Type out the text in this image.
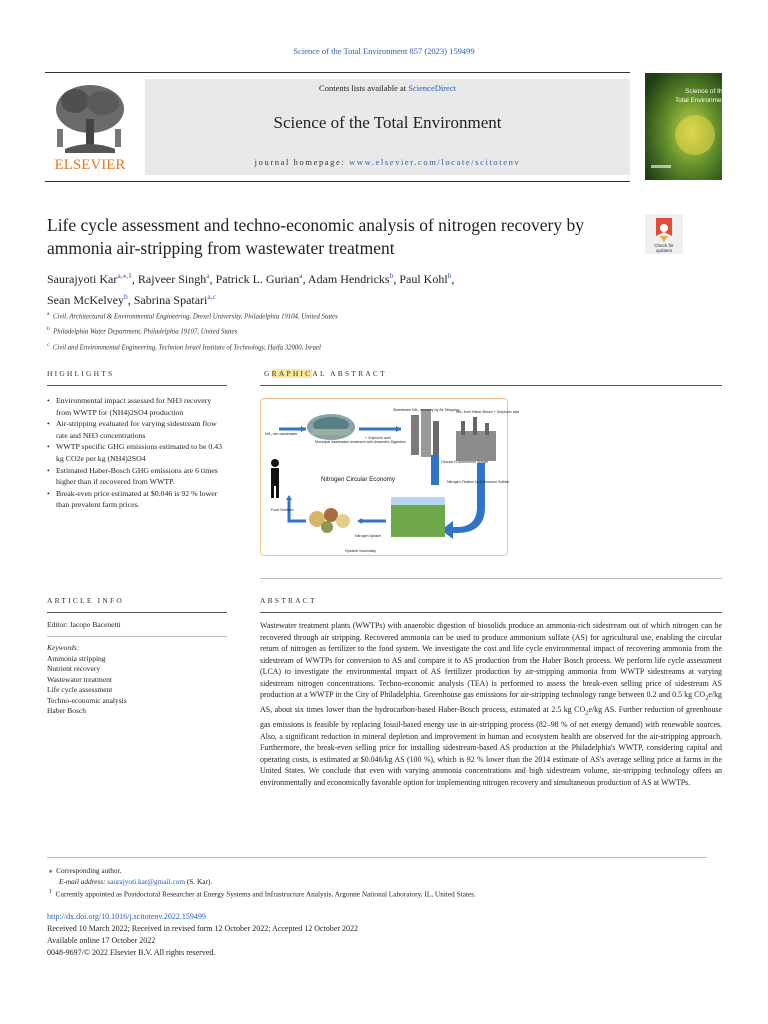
Science of the Total Environment 857 (2023) 159499
ELSEVIER
Contents lists available at ScienceDirect
Science of the Total Environment
journal homepage: www.elsevier.com/locate/scitotenv
Science of the
Total Environment
Life cycle assessment and techno-economic analysis of nitrogen recovery by ammonia air-stripping from wastewater treatment	Check for
updates
Saurajyoti Kar$^{a,⁎,1}$, Rajveer Singh$^a$, Patrick L. Gurian$^a$, Adam Hendricks$^b$, Paul Kohl$^b$,
Sean McKelvey$^b$, Sabrina Spatari$^{a,c}$
$^a$ Civil, Architectural & Environmental Engineering, Drexel University, Philadelphia 19104, United States
$^b$ Philadelphia Water Department, Philadelphia 19107, United States
$^c$ Civil and Environmental Engineering, Technion Israel Institute of Technology, Haifa 32000, Israel
HIGHLIGHTS
• Environmental impact assessed for NH3 recovery from WWTP for (NH4)2SO4 production
• Air-stripping evaluated for varying sidestream flow rate and NH3 concentrations
• WWTP specific GHG emissions estimated to be 0.43 kg CO2e per kg (NH4)2SO4
• Estimated Haber-Bosch GHG emissions are 6 times higher than if recovered from WWTP.
• Break-even price estimated at $0.046 is 92 % lower than prevalent farm prices.
GRAPHICAL ABSTRACT
Municipal wastewater treatment with Anaerobic Digestion
NH₃ rich wastewater
Sidestream NH₃ recovery by Air Stripping
+ Sulphuric acid
NH₃ from Haber Bosch + Sulphuric acid
Circular N Ammonium Sulfate
Nitrogen Fixation to Ammonium Sulfate
Nitrogen Circular Economy
Food Nutrition
Nitrogen Uptake
System boundary
ARTICLE INFO
Editor: Jacopo Bacenetti
Keywords:
Ammonia stripping
Nutrient recovery
Wastewater treatment
Life cycle assessment
Techno-economic analysis
Haber Bosch
ABSTRACT
Wastewater treatment plants (WWTPs) with anaerobic digestion of biosolids produce an ammonia-rich sidestream out of which nitrogen can be recovered through air stripping. Recovered ammonia can be used to produce ammonium sulfate (AS) for agricultural use, enabling the circular return of nitrogen as fertilizer to the food system. We investigate the cost and life cycle environmental impact of recovering ammonia from the sidestream of WWTPs for conversion to AS and compare it to AS production from the Haber Bosch process. We perform life cycle assessment (LCA) to investigate the environmental impact of AS fertilizer production by air-stripping ammonia from WWTP sidestreams at varying sidestream nitrogen concentrations. Techno-economic analysis (TEA) is performed to assess the break-even selling price of sidestream AS production at a WWTP in the City of Philadelphia. Greenhouse gas emissions for air-stripping technology range between 0.2 and 0.5 kg $CO_2e/kg$ AS, about six times lower than the hydrocarbon-based Haber-Bosch process, estimated at 2.5 kg $CO_2e/kg$ AS. Further reduction of greenhouse gas emissions is feasible by replacing fossil-based energy use in air-stripping process (82–98 % of net energy demand) with renewable sources. Also, a significant reduction in mineral depletion and improvement in human and ecosystem health are observed for the air-stripping approach. Furthermore, the break-even selling price for installing sidestream-based AS production at the Philadelphia's WWTP, considering capital and operating costs, is estimated at $0.046/kg AS (100 %), which is 92 % lower than the 2014 estimate of AS's average selling price at farms in the United States. We conclude that even with varying ammonia concentrations and high sidestream volume, air-stripping technology offers an environmentally and economically favorable option for implementing nitrogen recovery and simultaneous production of AS at WWTPs.
⁎ Corresponding author.
E-mail address: saurajyoti.kar@gmail.com (S. Kar).
$^1$ Currently appointed as Postdoctoral Researcher at Energy Systems and Infrastructure Analysis, Argonne National Laboratory, IL, United States.
http://dx.doi.org/10.1016/j.scitotenv.2022.159499
Received 10 March 2022; Received in revised form 12 October 2022; Accepted 12 October 2022
Available online 17 October 2022
0048-9697/© 2022 Elsevier B.V. All rights reserved.
